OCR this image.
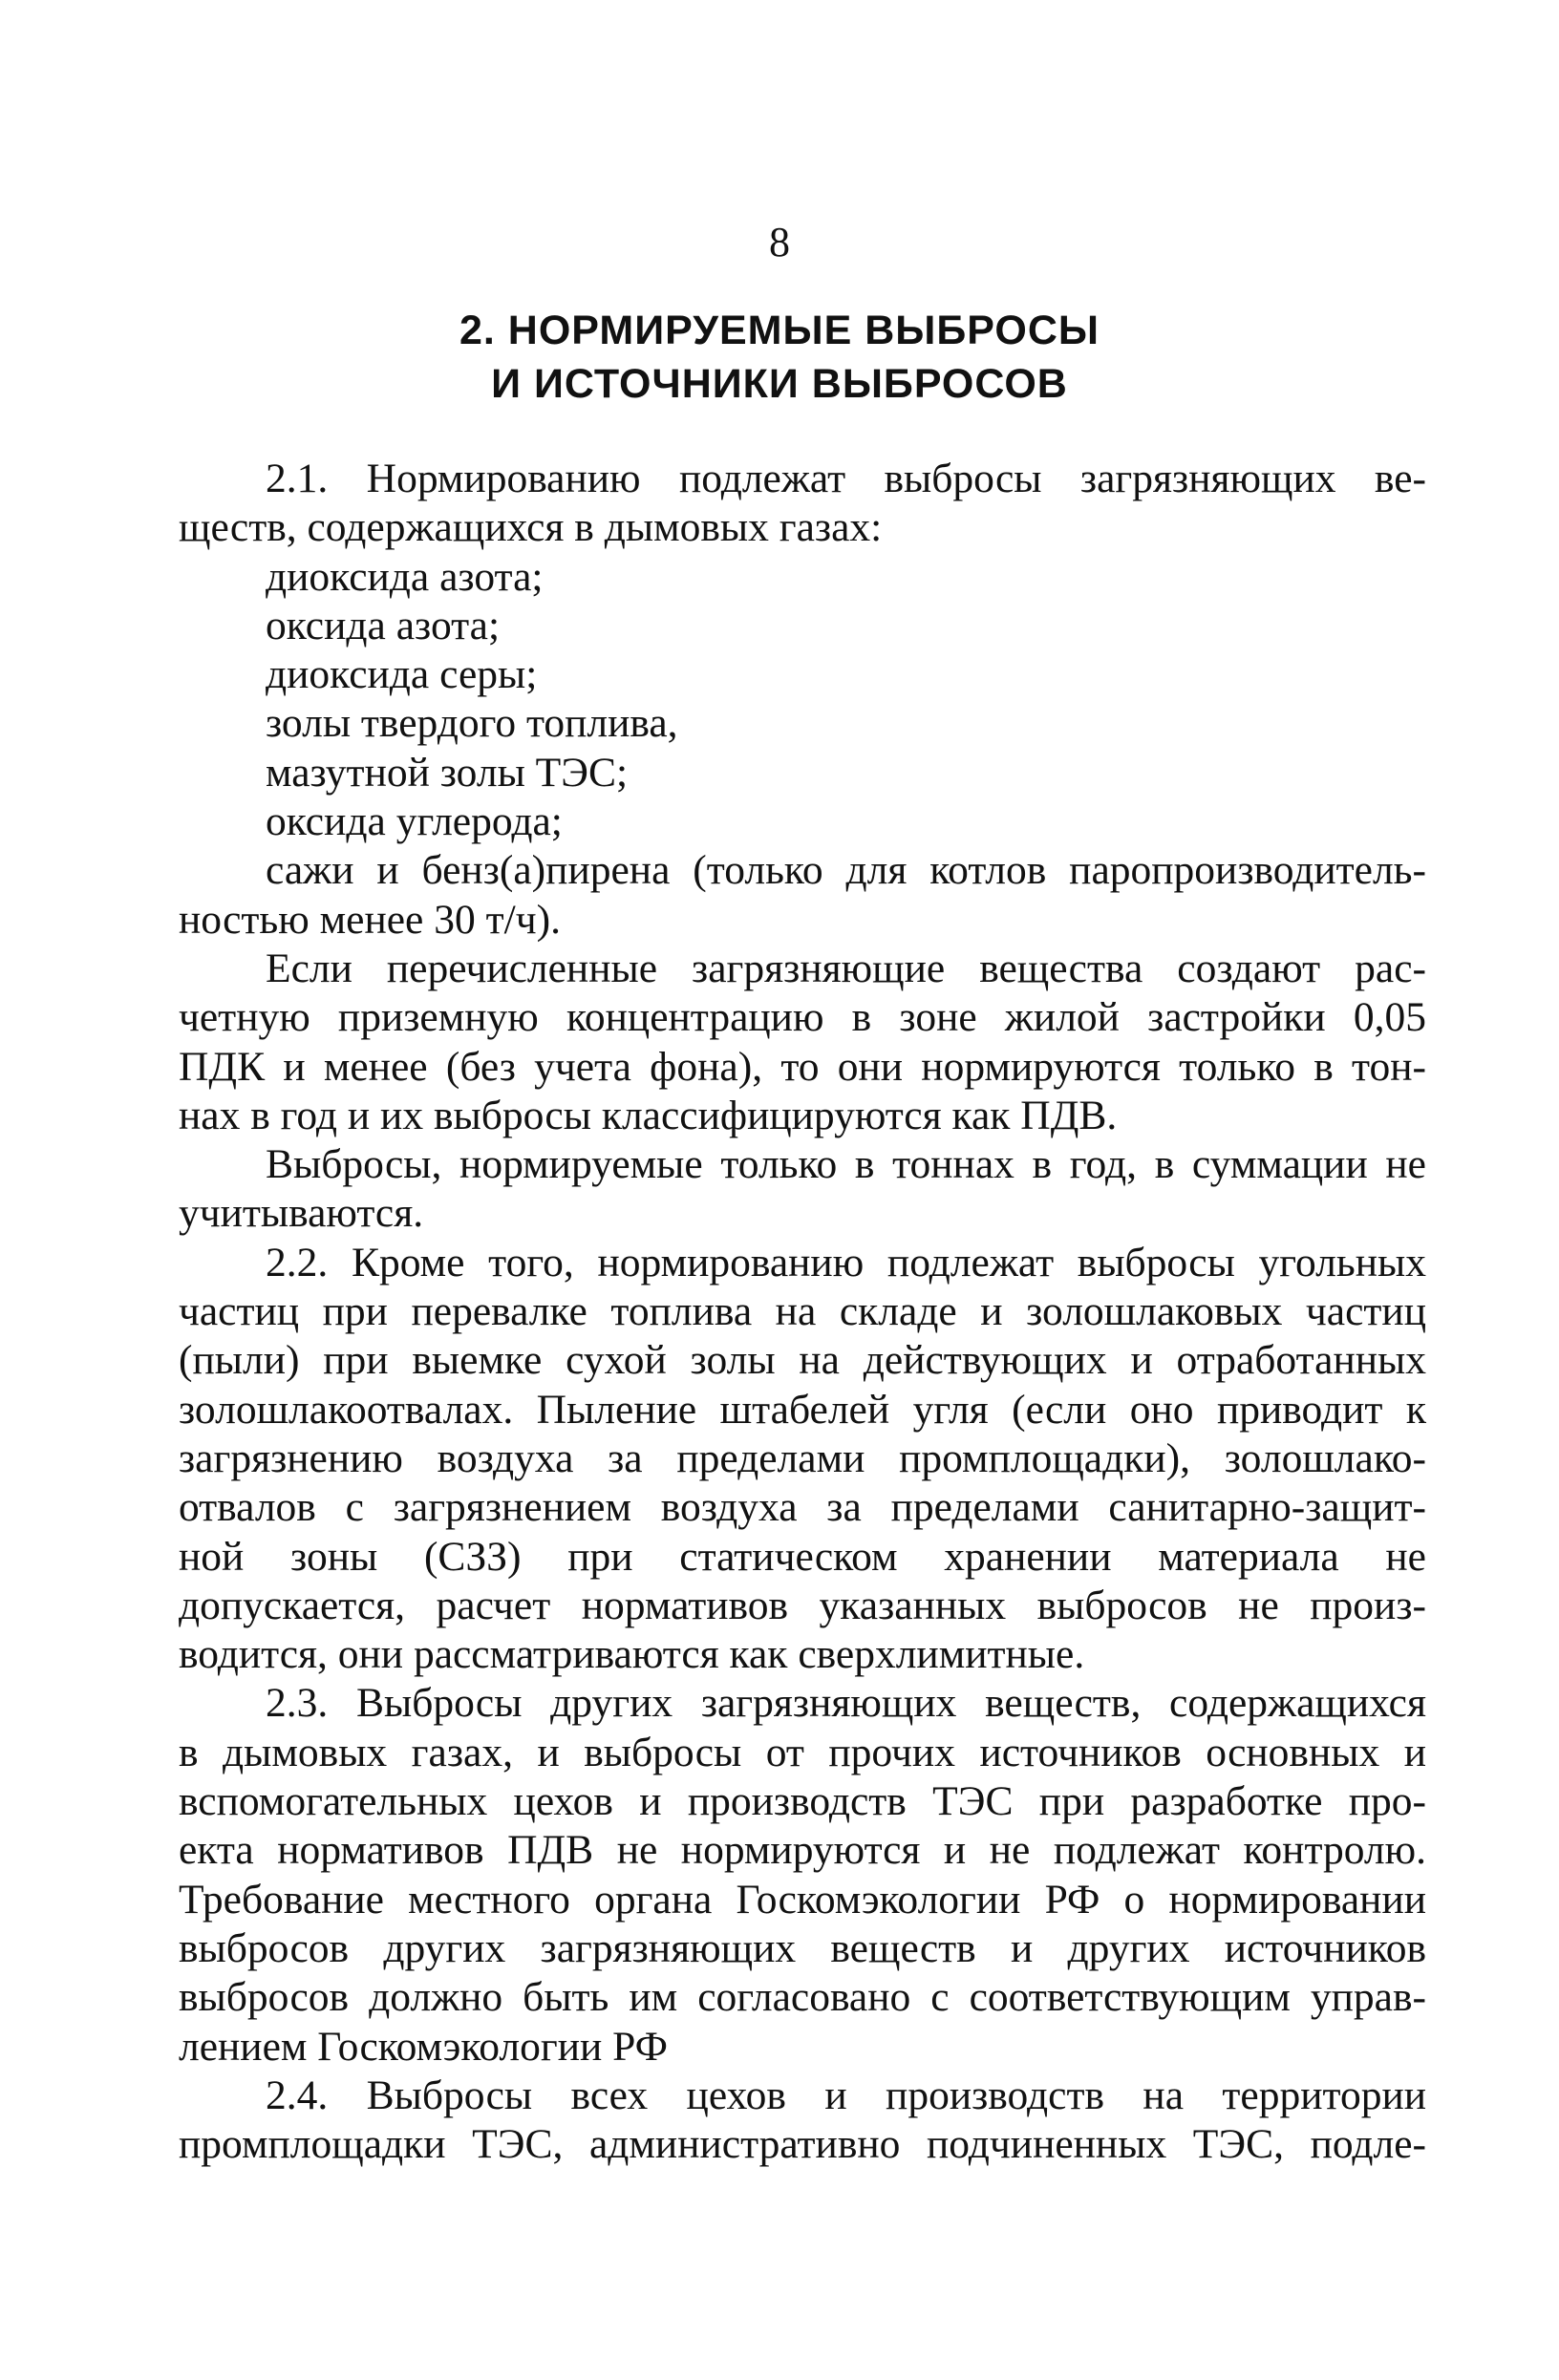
8
2. НОРМИРУЕМЫЕ ВЫБРОСЫ
И ИСТОЧНИКИ ВЫБРОСОВ
2.1. Нормированию подлежат выбросы загрязняющих ве-
ществ, содержащихся в дымовых газах:
диоксида азота;
оксида азота;
диоксида серы;
золы твердого топлива,
мазутной золы ТЭС;
оксида углерода;
сажи и бенз(а)пирена (только для котлов паропроизводитель-
ностью менее 30 т/ч).
Если перечисленные загрязняющие вещества создают рас-
четную приземную концентрацию в зоне жилой застройки 0,05
ПДК и менее (без учета фона), то они нормируются только в тон-
нах в год и их выбросы классифицируются как ПДВ.
Выбросы, нормируемые только в тоннах в год, в суммации не
учитываются.
2.2. Кроме того, нормированию подлежат выбросы угольных
частиц при перевалке топлива на складе и золошлаковых частиц
(пыли) при выемке сухой золы на действующих и отработанных
золошлакоотвалах. Пыление штабелей угля (если оно приводит к
загрязнению воздуха за пределами промплощадки), золошлако-
отвалов с загрязнением воздуха за пределами санитарно-защит-
ной зоны (СЗЗ) при статическом хранении материала не
допускается, расчет нормативов указанных выбросов не произ-
водится, они рассматриваются как сверхлимитные.
2.3. Выбросы других загрязняющих веществ, содержащихся
в дымовых газах, и выбросы от прочих источников основных и
вспомогательных цехов и производств ТЭС при разработке про-
екта нормативов ПДВ не нормируются и не подлежат контролю.
Требование местного органа Госкомэкологии РФ о нормировании
выбросов других загрязняющих веществ и других источников
выбросов должно быть им согласовано с соответствующим управ-
лением Госкомэкологии РФ
2.4. Выбросы всех цехов и производств на территории
промплощадки ТЭС, административно подчиненных ТЭС, подле-
